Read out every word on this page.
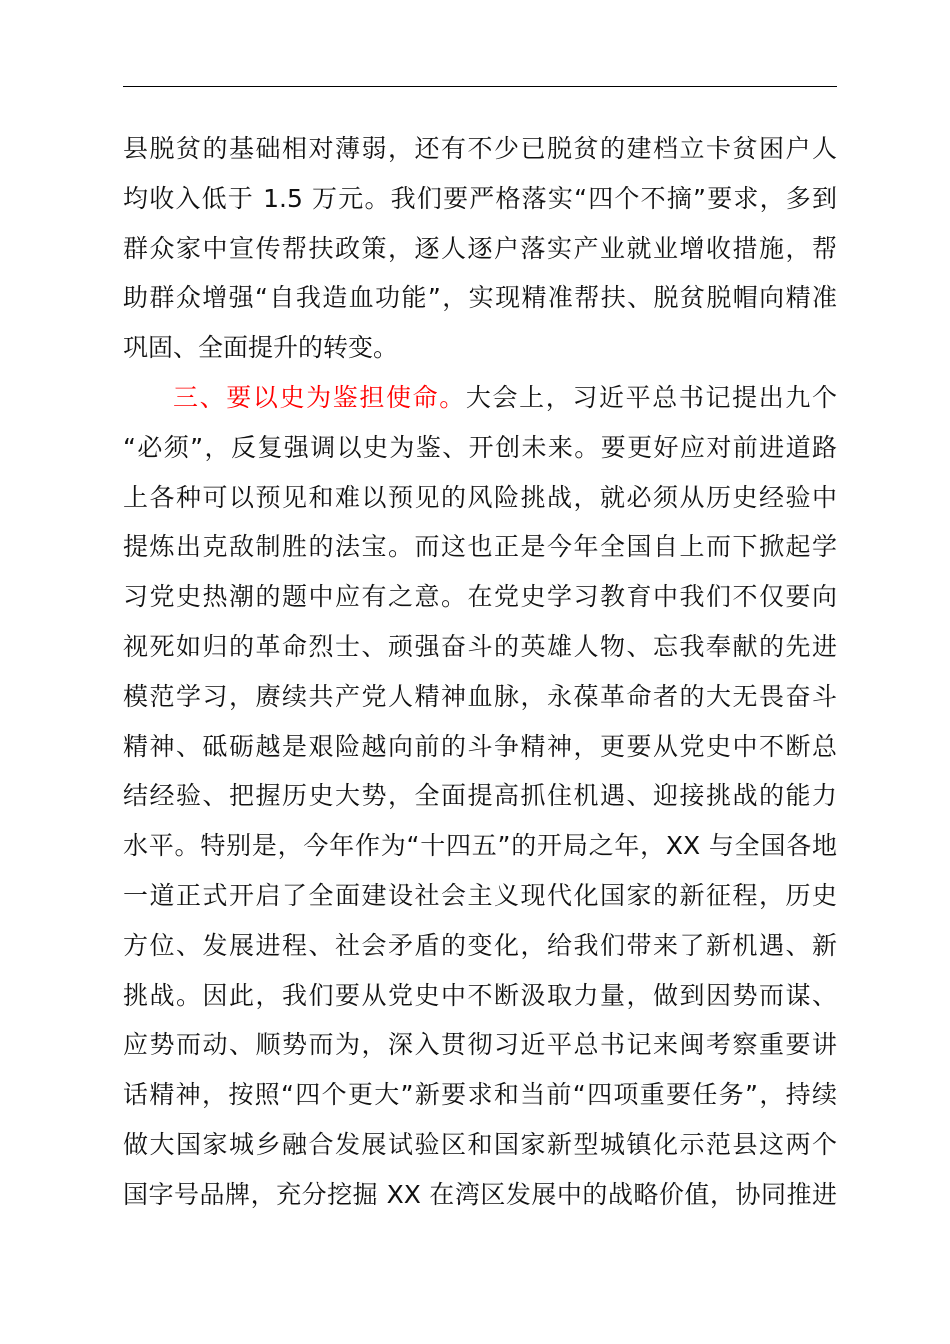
县脱贫的基础相对薄弱，还有不少已脱贫的建档立卡贫困户人
均收入低于 1.5 万元。我们要严格落实“四个不摘”要求，多到
群众家中宣传帮扶政策，逐人逐户落实产业就业增收措施，帮
助群众增强“自我造血功能”，实现精准帮扶、脱贫脱帽向精准
巩固、全面提升的转变。
三、要以史为鉴担使命。大会上，习近平总书记提出九个
“必须”，反复强调以史为鉴、开创未来。要更好应对前进道路
上各种可以预见和难以预见的风险挑战，就必须从历史经验中
提炼出克敌制胜的法宝。而这也正是今年全国自上而下掀起学
习党史热潮的题中应有之意。在党史学习教育中我们不仅要向
视死如归的革命烈士、顽强奋斗的英雄人物、忘我奉献的先进
模范学习，赓续共产党人精神血脉，永葆革命者的大无畏奋斗
精神、砥砺越是艰险越向前的斗争精神，更要从党史中不断总
结经验、把握历史大势，全面提高抓住机遇、迎接挑战的能力
水平。特别是，今年作为“十四五”的开局之年，XX 与全国各地
一道正式开启了全面建设社会主义现代化国家的新征程，历史
方位、发展进程、社会矛盾的变化，给我们带来了新机遇、新
挑战。因此，我们要从党史中不断汲取力量，做到因势而谋、
应势而动、顺势而为，深入贯彻习近平总书记来闽考察重要讲
话精神，按照“四个更大”新要求和当前“四项重要任务”，持续
做大国家城乡融合发展试验区和国家新型城镇化示范县这两个
国字号品牌，充分挖掘 XX 在湾区发展中的战略价值，协同推进
